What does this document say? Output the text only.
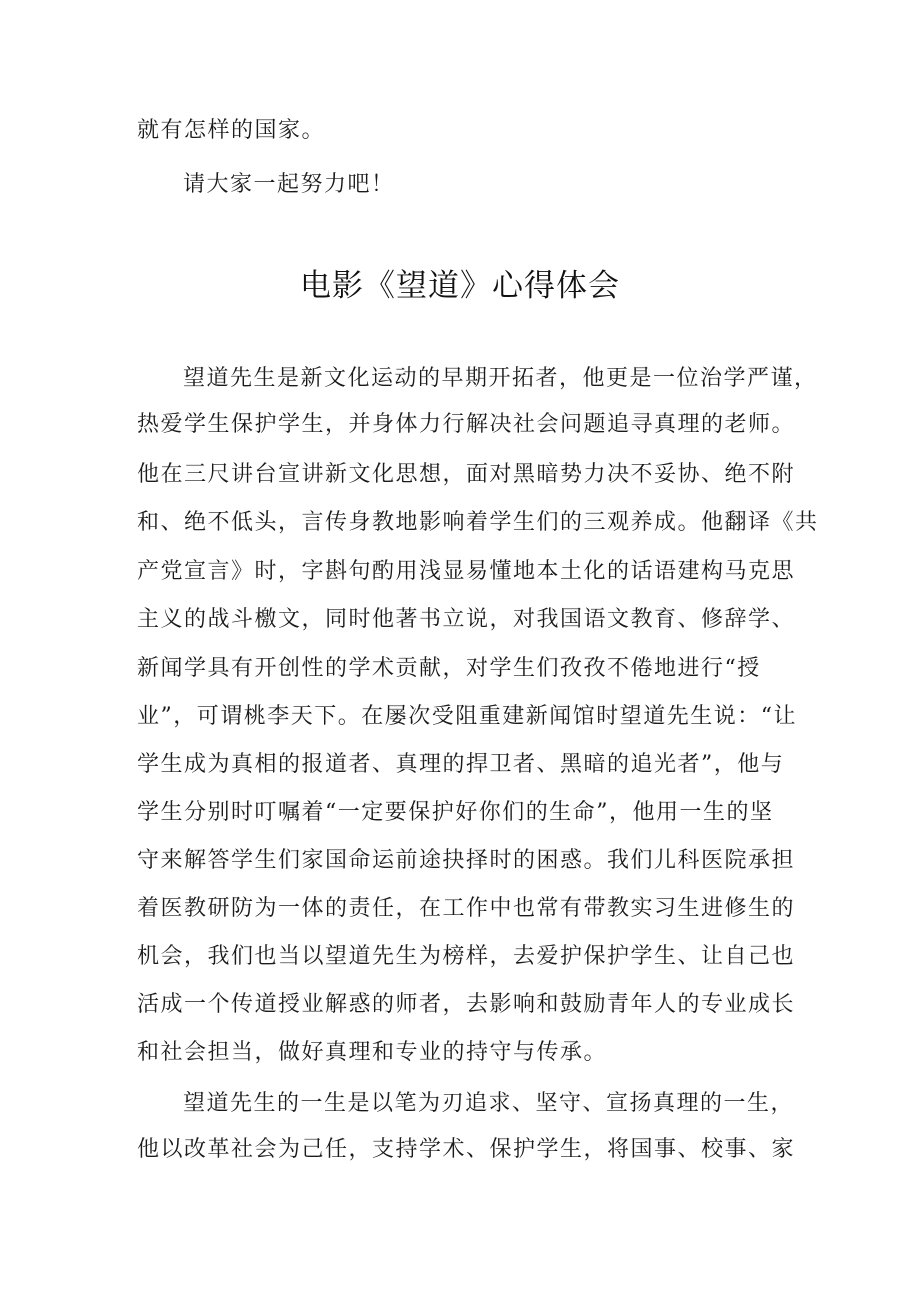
就有怎样的国家。

请大家一起努力吧！

电影《望道》心得体会

望道先生是新文化运动的早期开拓者，他更是一位治学严谨，

热爱学生保护学生，并身体力行解决社会问题追寻真理的老师。

他在三尺讲台宣讲新文化思想，面对黑暗势力决不妥协、绝不附

和、绝不低头，言传身教地影响着学生们的三观养成。他翻译《共

产党宣言》时，字斟句酌用浅显易懂地本土化的话语建构马克思

主义的战斗檄文，同时他著书立说，对我国语文教育、修辞学、

新闻学具有开创性的学术贡献，对学生们孜孜不倦地进行“授

业”，可谓桃李天下。在屡次受阻重建新闻馆时望道先生说：“让

学生成为真相的报道者、真理的捍卫者、黑暗的追光者”，他与

学生分别时叮嘱着“一定要保护好你们的生命”，他用一生的坚

守来解答学生们家国命运前途抉择时的困惑。我们儿科医院承担

着医教研防为一体的责任，在工作中也常有带教实习生进修生的

机会，我们也当以望道先生为榜样，去爱护保护学生、让自己也

活成一个传道授业解惑的师者，去影响和鼓励青年人的专业成长

和社会担当，做好真理和专业的持守与传承。

望道先生的一生是以笔为刃追求、坚守、宣扬真理的一生，

他以改革社会为己任，支持学术、保护学生，将国事、校事、家
